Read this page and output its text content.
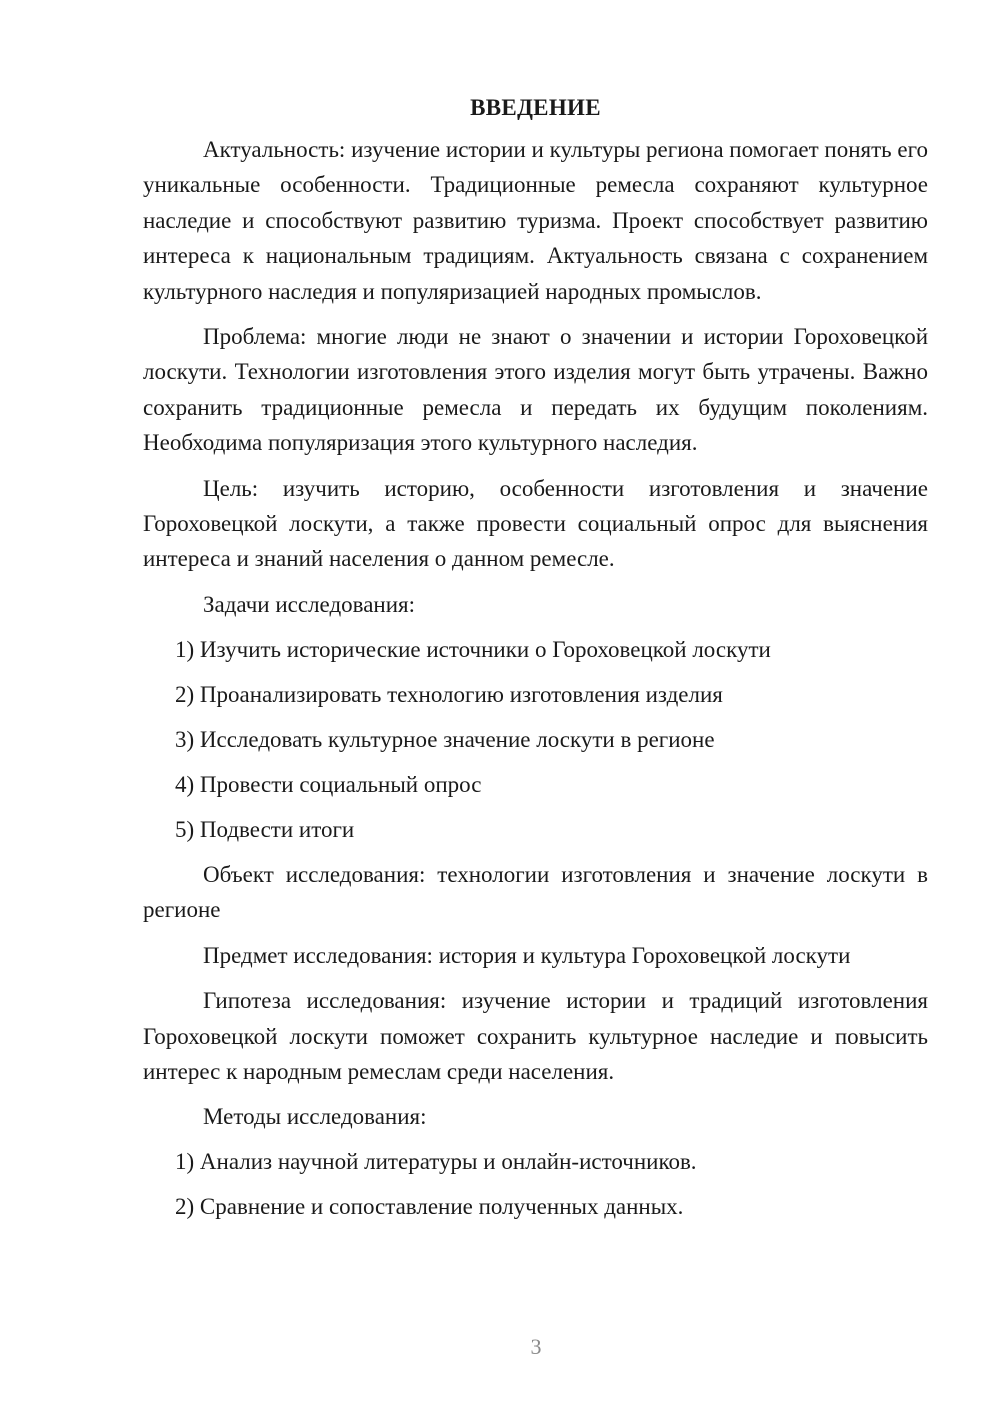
ВВЕДЕНИЕ

Актуальность: изучение истории и культуры региона помогает понять его уникальные особенности. Традиционные ремесла сохраняют культурное наследие и способствуют развитию туризма. Проект способствует развитию интереса к национальным традициям. Актуальность связана с сохранением культурного наследия и популяризацией народных промыслов.

Проблема: многие люди не знают о значении и истории Гороховецкой лоскути. Технологии изготовления этого изделия могут быть утрачены. Важно сохранить традиционные ремесла и передать их будущим поколениям. Необходима популяризация этого культурного наследия.

Цель: изучить историю, особенности изготовления и значение Гороховецкой лоскути, а также провести социальный опрос для выяснения интереса и знаний населения о данном ремесле.

Задачи исследования:
1) Изучить исторические источники о Гороховецкой лоскути
2) Проанализировать технологию изготовления изделия
3) Исследовать культурное значение лоскути в регионе
4) Провести социальный опрос
5) Подвести итоги

Объект исследования: технологии изготовления и значение лоскути в регионе

Предмет исследования: история и культура Гороховецкой лоскути

Гипотеза исследования: изучение истории и традиций изготовления Гороховецкой лоскути поможет сохранить культурное наследие и повысить интерес к народным ремеслам среди населения.

Методы исследования:
1) Анализ научной литературы и онлайн-источников.
2) Сравнение и сопоставление полученных данных.
3
